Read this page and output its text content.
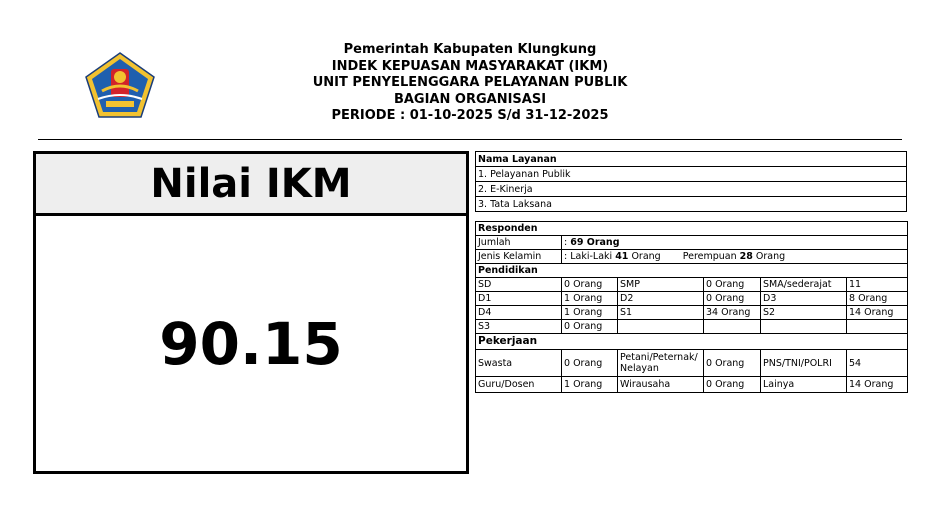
Pemerintah Kabupaten Klungkung
INDEK KEPUASAN MASYARAKAT (IKM)
UNIT PENYELENGGARA PELAYANAN PUBLIK
BAGIAN ORGANISASI
PERIODE : 01-10-2025 S/d 31-12-2025
Nilai IKM
90.15
Nama Layanan
1. Pelayanan Publik
2. E-Kinerja
3. Tata Laksana
Responden					
Jumlah	: 69 Orang				
Jenis Kelamin	: Laki-Laki 41 Orang Perempuan 28 Orang				
Pendidikan					
SD	0 Orang	SMP	0 Orang	SMA/sederajat	11
D1	1 Orang	D2	0 Orang	D3	8 Orang
D4	1 Orang	S1	34 Orang	S2	14 Orang
S3	0 Orang				
Pekerjaan					
Swasta	0 Orang	Petani/Peternak/ Nelayan	0 Orang	PNS/TNI/POLRI	54
Guru/Dosen	1 Orang	Wirausaha	0 Orang	Lainya	14 Orang
